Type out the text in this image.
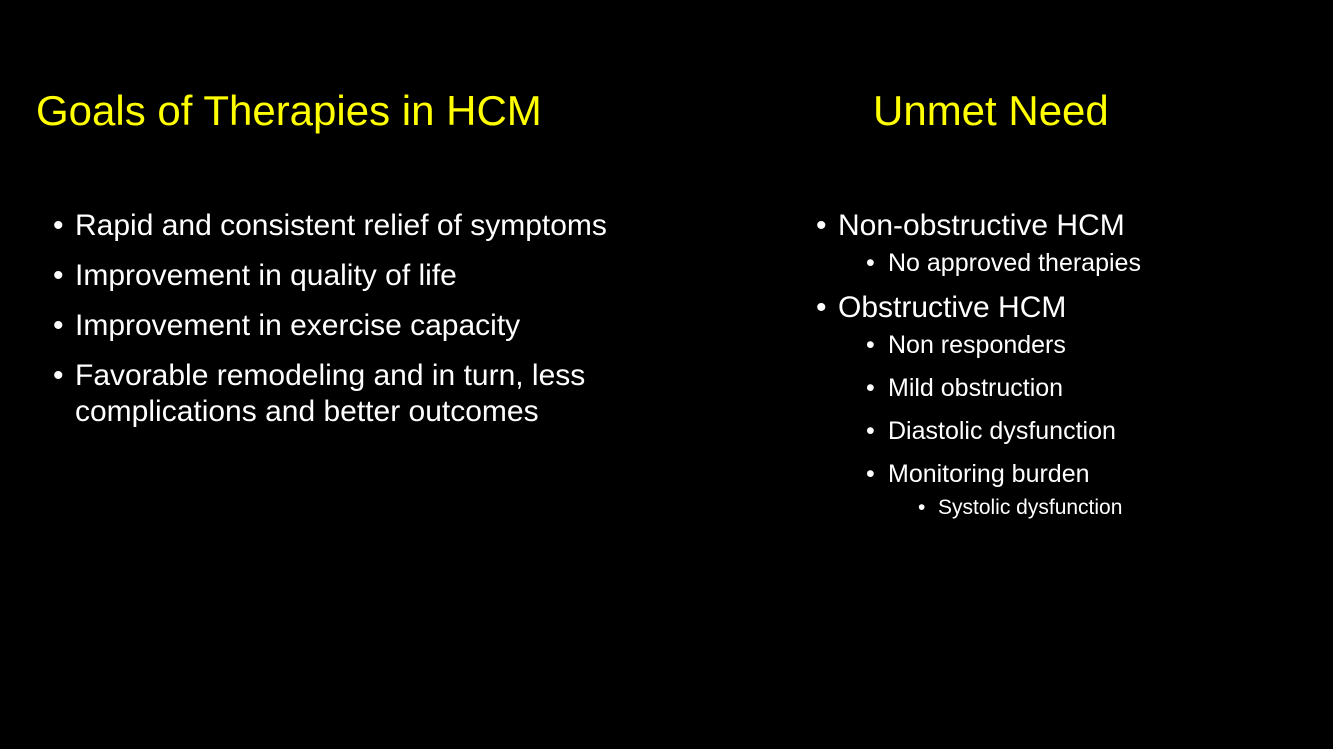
Goals of Therapies in HCM	Unmet Need
• Rapid and consistent relief of symptoms
• Improvement in quality of life
• Improvement in exercise capacity
• Favorable remodeling and in turn, less complications and better outcomes
• Non-obstructive HCM
• No approved therapies
• Obstructive HCM
• Non responders
• Mild obstruction
• Diastolic dysfunction
• Monitoring burden
• Systolic dysfunction
